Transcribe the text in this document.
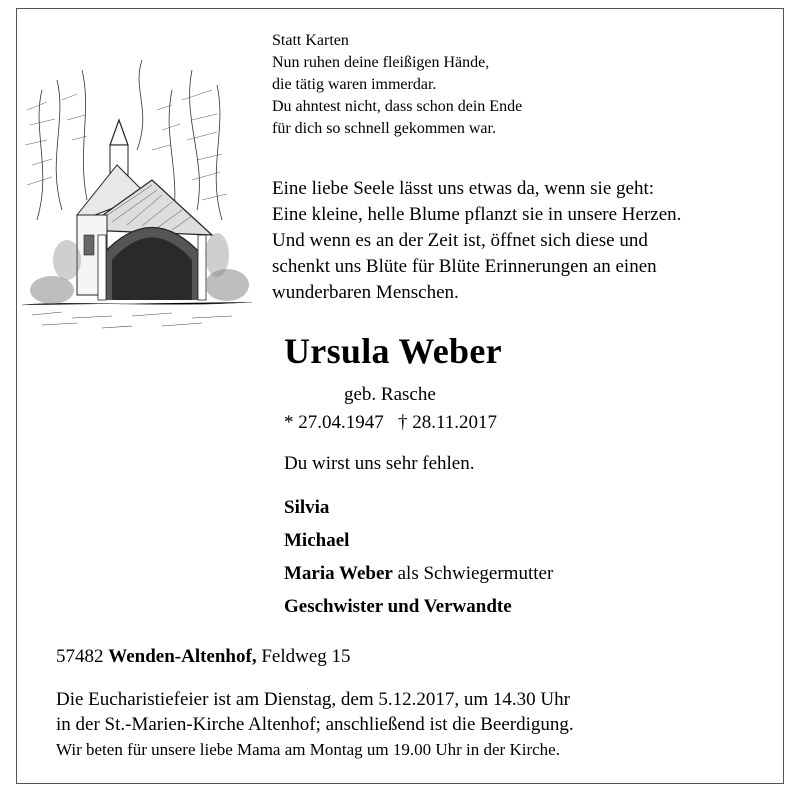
Statt Karten
Nun ruhen deine fleißigen Hände,
die tätig waren immerdar.
Du ahntest nicht, dass schon dein Ende
für dich so schnell gekommen war.
Eine liebe Seele lässt uns etwas da, wenn sie geht:
Eine kleine, helle Blume pflanzt sie in unsere Herzen.
Und wenn es an der Zeit ist, öffnet sich diese und
schenkt uns Blüte für Blüte Erinnerungen an einen
wunderbaren Menschen.
Ursula Weber
geb. Rasche
* 27.04.1947 † 28.11.2017
Du wirst uns sehr fehlen.
Silvia
Michael
Maria Weber als Schwiegermutter
Geschwister und Verwandte
57482 Wenden-Altenhof, Feldweg 15
Die Eucharistiefeier ist am Dienstag, dem 5.12.2017, um 14.30 Uhr
in der St.-Marien-Kirche Altenhof; anschließend ist die Beerdigung.
Wir beten für unsere liebe Mama am Montag um 19.00 Uhr in der Kirche.
